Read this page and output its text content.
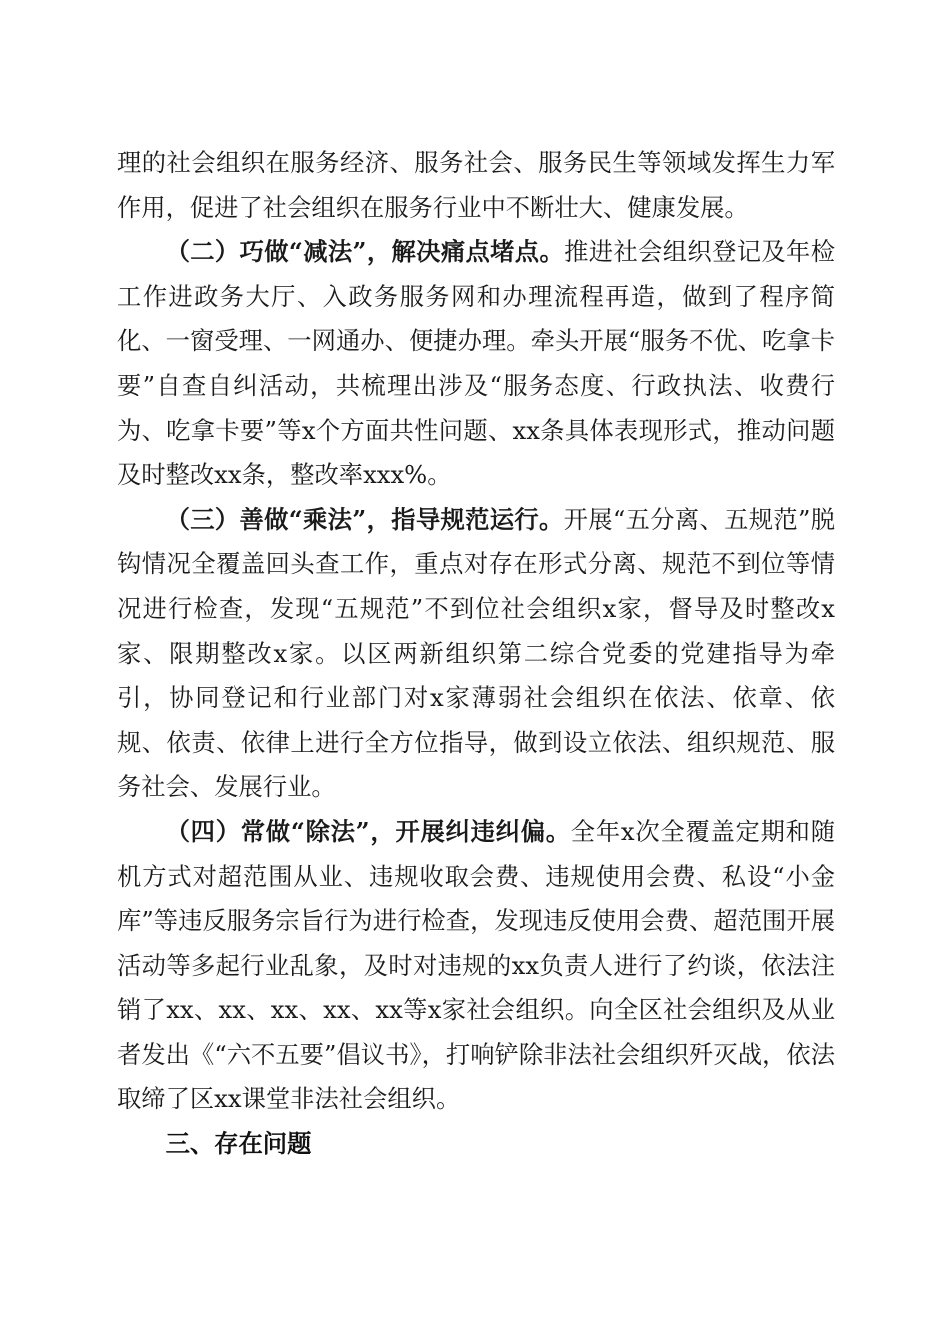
理的社会组织在服务经济、服务社会、服务民生等领域发挥生力军作用，促进了社会组织在服务行业中不断壮大、健康发展。

（二）巧做“减法”，解决痛点堵点。推进社会组织登记及年检工作进政务大厅、入政务服务网和办理流程再造，做到了程序简化、一窗受理、一网通办、便捷办理。牵头开展“服务不优、吃拿卡要”自查自纠活动，共梳理出涉及“服务态度、行政执法、收费行为、吃拿卡要”等x个方面共性问题、xx条具体表现形式，推动问题及时整改xx条，整改率xxx%。

（三）善做“乘法”，指导规范运行。开展“五分离、五规范”脱钩情况全覆盖回头查工作，重点对存在形式分离、规范不到位等情况进行检查，发现“五规范”不到位社会组织x家，督导及时整改x家、限期整改x家。以区两新组织第二综合党委的党建指导为牵引，协同登记和行业部门对x家薄弱社会组织在依法、依章、依规、依责、依律上进行全方位指导，做到设立依法、组织规范、服务社会、发展行业。

（四）常做“除法”，开展纠违纠偏。全年x次全覆盖定期和随机方式对超范围从业、违规收取会费、违规使用会费、私设“小金库”等违反服务宗旨行为进行检查，发现违反使用会费、超范围开展活动等多起行业乱象，及时对违规的xx负责人进行了约谈，依法注销了xx、xx、xx、xx、xx等x家社会组织。向全区社会组织及从业者发出《“六不五要”倡议书》，打响铲除非法社会组织歼灭战，依法取缔了区xx课堂非法社会组织。

三、存在问题
